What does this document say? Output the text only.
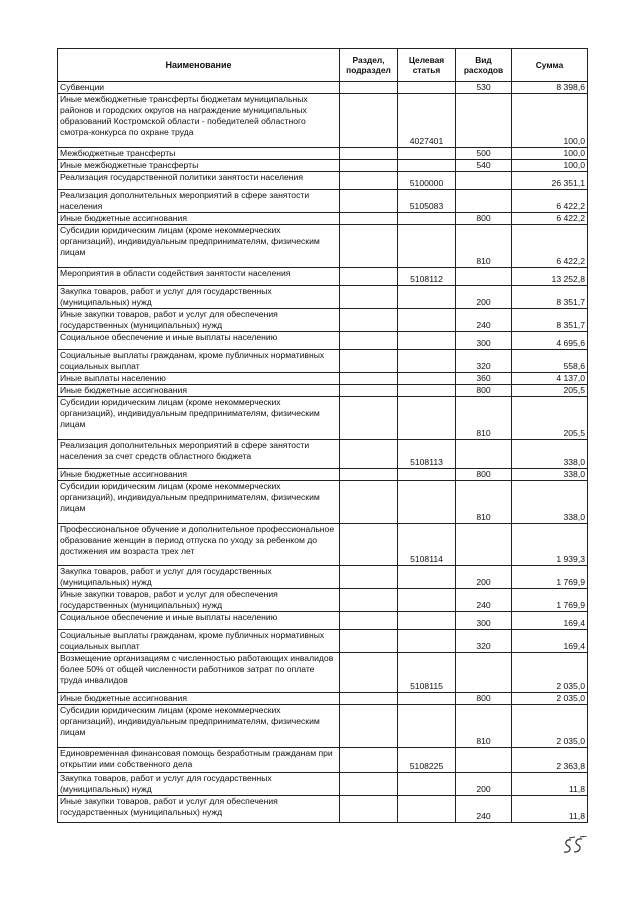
Наименование	Раздел, подраздел	Целевая статья	Вид расходов	Сумма
Субвенции			530	8 398,6
Иные межбюджетные трансферты бюджетам муниципальных районов и городских округов на награждение муниципальных образований Костромской области - победителей областного смотра-конкурса по охране труда		4027401		100,0
Межбюджетные трансферты			500	100,0
Иные межбюджетные трансферты			540	100,0
Реализация государственной политики занятости населения		5100000		26 351,1
Реализация дополнительных мероприятий в сфере занятости населения		5105083		6 422,2
Иные бюджетные ассигнования			800	6 422,2
Субсидии юридическим лицам (кроме некоммерческих организаций), индивидуальным предпринимателям, физическим лицам			810	6 422,2
Мероприятия в области содействия занятости населения		5108112		13 252,8
Закупка товаров, работ и услуг для государственных (муниципальных) нужд			200	8 351,7
Иные закупки товаров, работ и услуг для обеспечения государственных (муниципальных) нужд			240	8 351,7
Социальное обеспечение и иные выплаты населению			300	4 695,6
Социальные выплаты гражданам, кроме публичных нормативных социальных выплат			320	558,6
Иные выплаты населению			360	4 137,0
Иные бюджетные ассигнования			800	205,5
Субсидии юридическим лицам (кроме некоммерческих организаций), индивидуальным предпринимателям, физическим лицам			810	205,5
Реализация дополнительных мероприятий в сфере занятости населения за счет средств областного бюджета		5108113		338,0
Иные бюджетные ассигнования			800	338,0
Субсидии юридическим лицам (кроме некоммерческих организаций), индивидуальным предпринимателям, физическим лицам			810	338,0
Профессиональное обучение и дополнительное профессиональное образование женщин в период отпуска по уходу за ребенком до достижения им возраста трех лет		5108114		1 939,3
Закупка товаров, работ и услуг для государственных (муниципальных) нужд			200	1 769,9
Иные закупки товаров, работ и услуг для обеспечения государственных (муниципальных) нужд			240	1 769,9
Социальное обеспечение и иные выплаты населению			300	169,4
Социальные выплаты гражданам, кроме публичных нормативных социальных выплат			320	169,4
Возмещение организациям с численностью работающих инвалидов более 50% от общей численности работников затрат по оплате труда инвалидов		5108115		2 035,0
Иные бюджетные ассигнования			800	2 035,0
Субсидии юридическим лицам (кроме некоммерческих организаций), индивидуальным предпринимателям, физическим лицам			810	2 035,0
Единовременная финансовая помощь безработным гражданам при открытии ими собственного дела		5108225		2 363,8
Закупка товаров, работ и услуг для государственных (муниципальных) нужд			200	11,8
Иные закупки товаров, работ и услуг для обеспечения государственных (муниципальных) нужд			240	11,8
